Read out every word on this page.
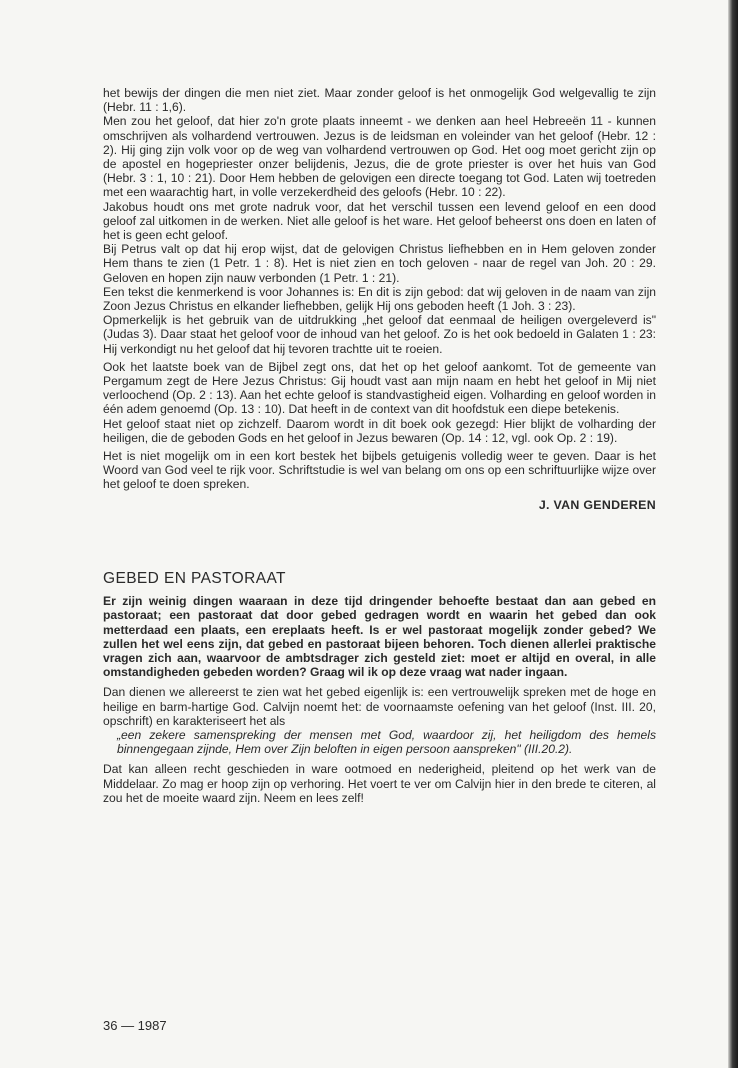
het bewijs der dingen die men niet ziet. Maar zonder geloof is het onmogelijk God welgevallig te zijn (Hebr. 11 : 1,6).

Men zou het geloof, dat hier zo'n grote plaats inneemt - we denken aan heel Hebreeën 11 - kunnen omschrijven als volhardend vertrouwen. Jezus is de leidsman en voleinder van het geloof (Hebr. 12 : 2). Hij ging zijn volk voor op de weg van volhardend vertrouwen op God. Het oog moet gericht zijn op de apostel en hogepriester onzer belijdenis, Jezus, die de grote priester is over het huis van God (Hebr. 3 : 1, 10 : 21). Door Hem hebben de gelovigen een directe toegang tot God. Laten wij toetreden met een waarachtig hart, in volle verzekerdheid des geloofs (Hebr. 10 : 22).

Jakobus houdt ons met grote nadruk voor, dat het verschil tussen een levend geloof en een dood geloof zal uitkomen in de werken. Niet alle geloof is het ware. Het geloof beheerst ons doen en laten of het is geen echt geloof.

Bij Petrus valt op dat hij erop wijst, dat de gelovigen Christus liefhebben en in Hem geloven zonder Hem thans te zien (1 Petr. 1 : 8). Het is niet zien en toch geloven - naar de regel van Joh. 20 : 29. Geloven en hopen zijn nauw verbonden (1 Petr. 1 : 21).

Een tekst die kenmerkend is voor Johannes is: En dit is zijn gebod: dat wij geloven in de naam van zijn Zoon Jezus Christus en elkander liefhebben, gelijk Hij ons geboden heeft (1 Joh. 3 : 23).

Opmerkelijk is het gebruik van de uitdrukking „het geloof dat eenmaal de heiligen overgeleverd is" (Judas 3). Daar staat het geloof voor de inhoud van het geloof. Zo is het ook bedoeld in Galaten 1 : 23: Hij verkondigt nu het geloof dat hij tevoren trachtte uit te roeien.

Ook het laatste boek van de Bijbel zegt ons, dat het op het geloof aankomt. Tot de gemeente van Pergamum zegt de Here Jezus Christus: Gij houdt vast aan mijn naam en hebt het geloof in Mij niet verloochend (Op. 2 : 13). Aan het echte geloof is standvastigheid eigen. Volharding en geloof worden in één adem genoemd (Op. 13 : 10). Dat heeft in de context van dit hoofdstuk een diepe betekenis.

Het geloof staat niet op zichzelf. Daarom wordt in dit boek ook gezegd: Hier blijkt de volharding der heiligen, die de geboden Gods en het geloof in Jezus bewaren (Op. 14 : 12, vgl. ook Op. 2 : 19).

Het is niet mogelijk om in een kort bestek het bijbels getuigenis volledig weer te geven. Daar is het Woord van God veel te rijk voor. Schriftstudie is wel van belang om ons op een schriftuurlijke wijze over het geloof te doen spreken.

J. VAN GENDEREN
GEBED EN PASTORAAT

Er zijn weinig dingen waaraan in deze tijd dringender behoefte bestaat dan aan gebed en pastoraat; een pastoraat dat door gebed gedragen wordt en waarin het gebed dan ook metterdaad een plaats, een ereplaats heeft. Is er wel pastoraat mogelijk zonder gebed? We zullen het wel eens zijn, dat gebed en pastoraat bijeen behoren. Toch dienen allerlei praktische vragen zich aan, waarvoor de ambtsdrager zich gesteld ziet: moet er altijd en overal, in alle omstandigheden gebeden worden? Graag wil ik op deze vraag wat nader ingaan.

Dan dienen we allereerst te zien wat het gebed eigenlijk is: een vertrouwelijk spreken met de hoge en heilige en barm-hartige God. Calvijn noemt het: de voornaamste oefening van het geloof (Inst. III. 20, opschrift) en karakteriseert het als

„een zekere samenspreking der mensen met God, waardoor zij, het heiligdom des hemels binnengegaan zijnde, Hem over Zijn beloften in eigen persoon aanspreken" (III.20.2).

Dat kan alleen recht geschieden in ware ootmoed en nederigheid, pleitend op het werk van de Middelaar. Zo mag er hoop zijn op verhoring. Het voert te ver om Calvijn hier in den brede te citeren, al zou het de moeite waard zijn. Neem en lees zelf!

36 — 1987
